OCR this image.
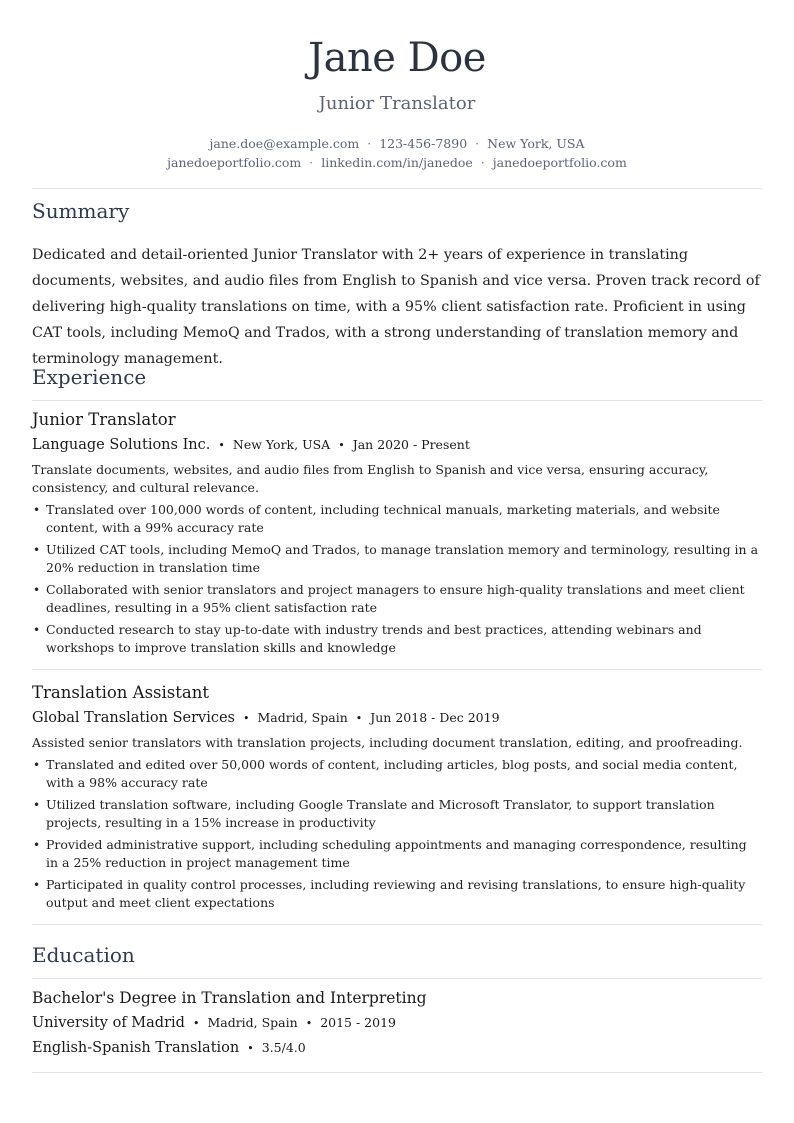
Jane Doe
Junior Translator
jane.doe@example.com · 123-456-7890 · New York, USA
janedoeportfolio.com · linkedin.com/in/janedoe · janedoeportfolio.com
Summary

Dedicated and detail-oriented Junior Translator with 2+ years of experience in translating documents, websites, and audio files from English to Spanish and vice versa. Proven track record of delivering high-quality translations on time, with a 95% client satisfaction rate. Proficient in using CAT tools, including MemoQ and Trados, with a strong understanding of translation memory and terminology management.

Experience
Junior Translator
Language Solutions Inc. • New York, USA • Jan 2020 - Present

Translate documents, websites, and audio files from English to Spanish and vice versa, ensuring accuracy, consistency, and cultural relevance.

• Translated over 100,000 words of content, including technical manuals, marketing materials, and website content, with a 99% accuracy rate
• Utilized CAT tools, including MemoQ and Trados, to manage translation memory and terminology, resulting in a 20% reduction in translation time
• Collaborated with senior translators and project managers to ensure high-quality translations and meet client deadlines, resulting in a 95% client satisfaction rate
• Conducted research to stay up-to-date with industry trends and best practices, attending webinars and workshops to improve translation skills and knowledge
Translation Assistant
Global Translation Services • Madrid, Spain • Jun 2018 - Dec 2019

Assisted senior translators with translation projects, including document translation, editing, and proofreading.

• Translated and edited over 50,000 words of content, including articles, blog posts, and social media content, with a 98% accuracy rate
• Utilized translation software, including Google Translate and Microsoft Translator, to support translation projects, resulting in a 15% increase in productivity
• Provided administrative support, including scheduling appointments and managing correspondence, resulting in a 25% reduction in project management time
• Participated in quality control processes, including reviewing and revising translations, to ensure high-quality output and meet client expectations
Education
Bachelor's Degree in Translation and Interpreting
University of Madrid • Madrid, Spain • 2015 - 2019
English-Spanish Translation • 3.5/4.0
